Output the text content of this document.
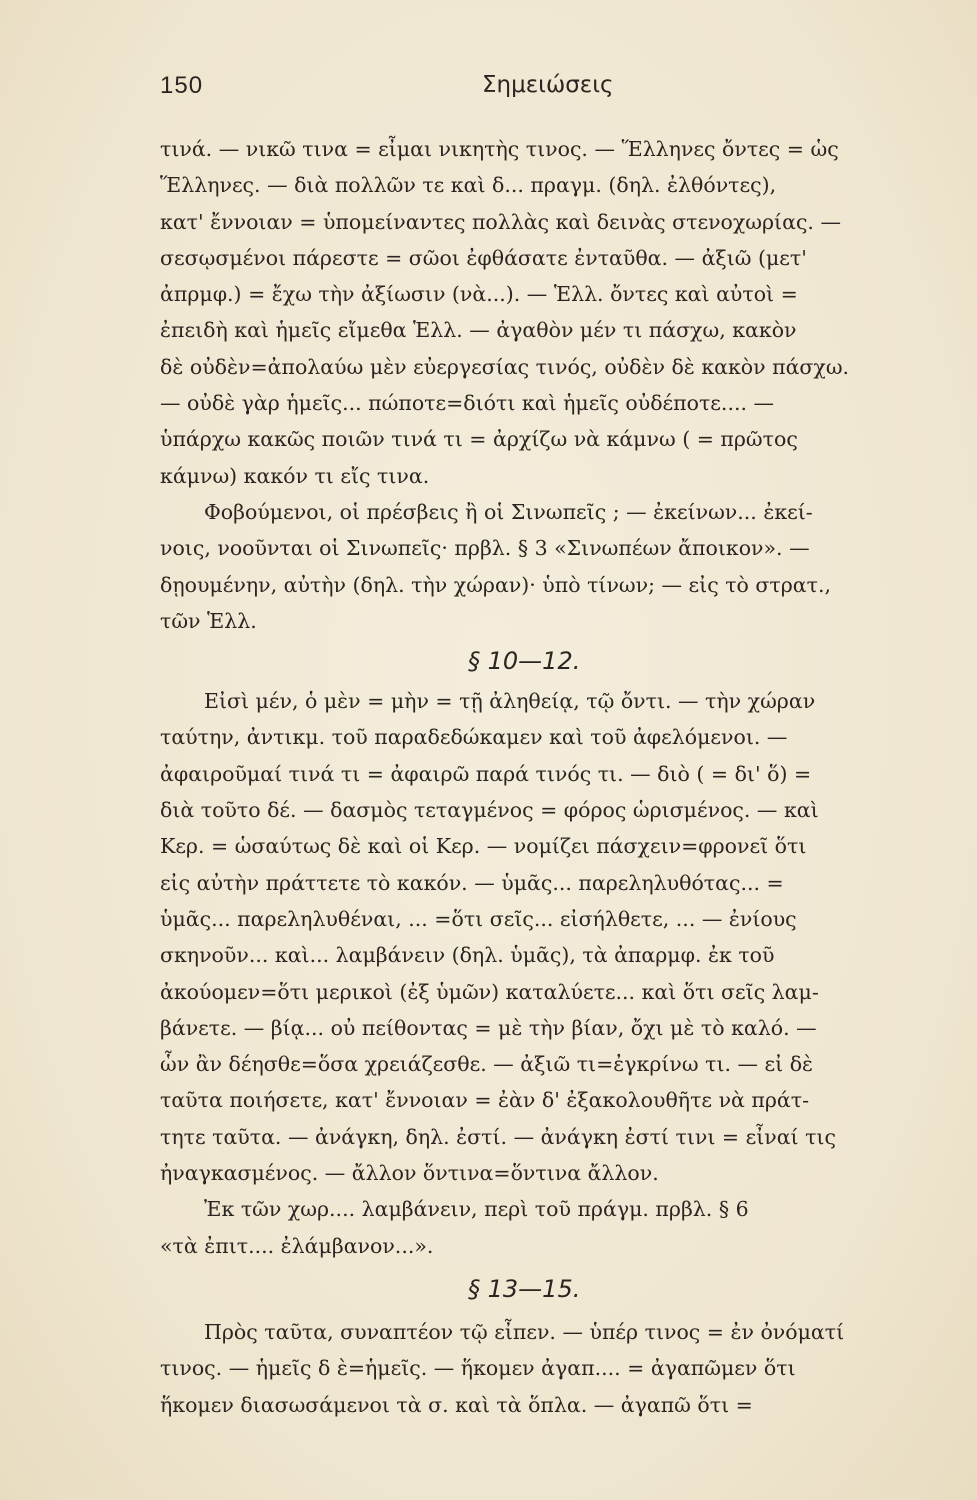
150	Σημειώσεις
τινά. — νικῶ τινα = εἶμαι νικητὴς τινος. — Ἕλληνες ὄντες = ὡς
Ἕλληνες. — διὰ πολλῶν τε καὶ δ... πραγμ. (δηλ. ἐλθόντες),
κατ' ἔννοιαν = ὑπομείναντες πολλὰς καὶ δεινὰς στενοχωρίας. —
σεσῳσμένοι πάρεστε = σῶοι ἐφθάσατε ἐνταῦθα. — ἀξιῶ (μετ'
ἀπρμφ.) = ἔχω τὴν ἀξίωσιν (νὰ...). — Ἑλλ. ὄντες καὶ αὐτοὶ =
ἐπειδὴ καὶ ἡμεῖς εἴμεθα Ἑλλ. — ἀγαθὸν μέν τι πάσχω, κακὸν
δὲ οὐδὲν=ἀπολαύω μὲν εὐεργεσίας τινός, οὐδὲν δὲ κακὸν πάσχω.
— οὐδὲ γὰρ ἡμεῖς... πώποτε=διότι καὶ ἡμεῖς οὐδέποτε.... —
ὑπάρχω κακῶς ποιῶν τινά τι = ἀρχίζω νὰ κάμνω ( = πρῶτος
κάμνω) κακόν τι εἴς τινα.
Φοβούμενοι, οἱ πρέσβεις ἢ οἱ Σινωπεῖς ; — ἐκείνων... ἐκεί-
νοις, νοοῦνται οἱ Σινωπεῖς· πρβλ. § 3 «Σινωπέων ἄποικον». —
δῃουμένην, αὐτὴν (δηλ. τὴν χώραν)· ὑπὸ τίνων; — εἰς τὸ στρατ.,
τῶν Ἑλλ.
§ 10—12.
Εἰσὶ μέν, ὁ μὲν = μὴν = τῇ ἀληθείᾳ, τῷ ὄντι. — τὴν χώραν
ταύτην, ἀντικμ. τοῦ παραδεδώκαμεν καὶ τοῦ ἀφελόμενοι. —
ἀφαιροῦμαί τινά τι = ἀφαιρῶ παρά τινός τι. — διὸ ( = δι' ὅ) =
διὰ τοῦτο δέ. — δασμὸς τεταγμένος = φόρος ὡρισμένος. — καὶ
Κερ. = ὡσαύτως δὲ καὶ οἱ Κερ. — νομίζει πάσχειν=φρονεῖ ὅτι
εἰς αὐτὴν πράττετε τὸ κακόν. — ὑμᾶς... παρεληλυθότας... =
ὑμᾶς... παρεληλυθέναι, ... =ὅτι σεῖς... εἰσήλθετε, ... — ἐνίους
σκηνοῦν... καὶ... λαμβάνειν (δηλ. ὑμᾶς), τὰ ἀπαρμφ. ἐκ τοῦ
ἀκούομεν=ὅτι μερικοὶ (ἐξ ὑμῶν) καταλύετε... καὶ ὅτι σεῖς λαμ-
βάνετε. — βίᾳ... οὐ πείθοντας = μὲ τὴν βίαν, ὄχι μὲ τὸ καλό. —
ὧν ἂν δέησθε=ὅσα χρειάζεσθε. — ἀξιῶ τι=ἐγκρίνω τι. — εἰ δὲ
ταῦτα ποιήσετε, κατ' ἔννοιαν = ἐὰν δ' ἐξακολουθῆτε νὰ πράτ-
τητε ταῦτα. — ἀνάγκη, δηλ. ἐστί. — ἀνάγκη ἐστί τινι = εἶναί τις
ἠναγκασμένος. — ἄλλον ὅντινα=ὅντινα ἄλλον.
Ἐκ τῶν χωρ.... λαμβάνειν, περὶ τοῦ πράγμ. πρβλ. § 6
«τὰ ἐπιτ.... ἐλάμβανον...».
§ 13—15.
Πρὸς ταῦτα, συναπτέον τῷ εἶπεν. — ὑπέρ τινος = ἐν ὀνόματί
τινος. — ἡμεῖς δ ὲ=ἡμεῖς. — ἥκομεν ἀγαπ.... = ἀγαπῶμεν ὅτι
ἥκομεν διασωσάμενοι τὰ σ. καὶ τὰ ὅπλα. — ἀγαπῶ ὅτι =
